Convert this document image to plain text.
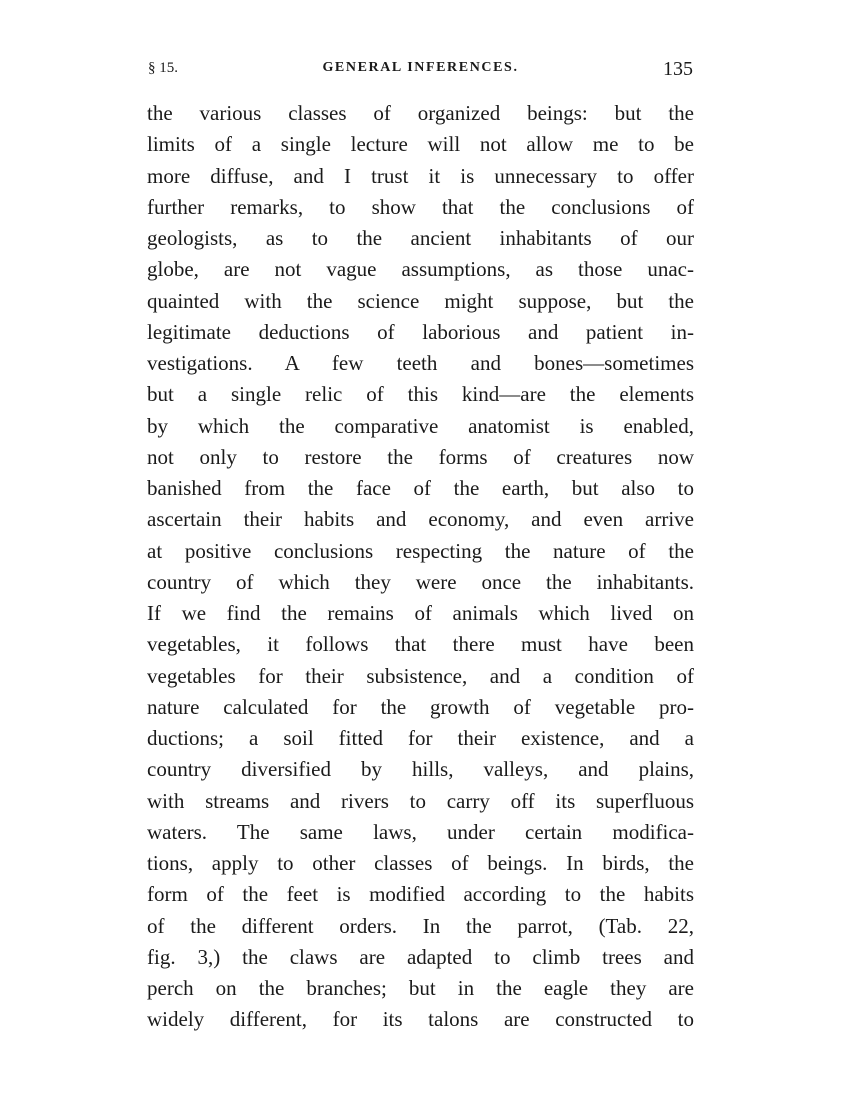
§ 15.	GENERAL INFERENCES.	135
the various classes of organized beings: but the
limits of a single lecture will not allow me to be
more diffuse, and I trust it is unnecessary to offer
further remarks, to show that the conclusions of
geologists, as to the ancient inhabitants of our
globe, are not vague assumptions, as those unac-
quainted with the science might suppose, but the
legitimate deductions of laborious and patient in-
vestigations. A few teeth and bones—sometimes
but a single relic of this kind—are the elements
by which the comparative anatomist is enabled,
not only to restore the forms of creatures now
banished from the face of the earth, but also to
ascertain their habits and economy, and even arrive
at positive conclusions respecting the nature of the
country of which they were once the inhabitants.
If we find the remains of animals which lived on
vegetables, it follows that there must have been
vegetables for their subsistence, and a condition of
nature calculated for the growth of vegetable pro-
ductions; a soil fitted for their existence, and a
country diversified by hills, valleys, and plains,
with streams and rivers to carry off its superfluous
waters. The same laws, under certain modifica-
tions, apply to other classes of beings. In birds, the
form of the feet is modified according to the habits
of the different orders. In the parrot, (Tab. 22,
fig. 3,) the claws are adapted to climb trees and
perch on the branches; but in the eagle they are
widely different, for its talons are constructed to
